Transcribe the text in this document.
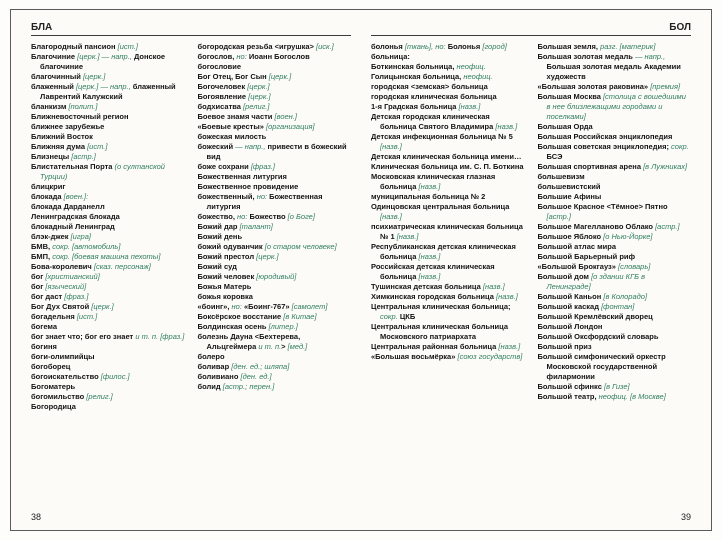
БЛА

Благородный пансион [ист.]

Благочиние [церк.] — напр., Донское благочиние

благочинный [церк.]

блаженный [церк.] — напр., блаженный Лаврентий Калужский

бланкизм [полит.]

Ближневосточный регион

ближнее зарубежье

Ближний Восток

Ближняя дума [ист.]

Близнецы [астр.]

Блистательная Порта (о султанской Турции)

блицкриг

блокада [воен.]:

блокада Дарданелл

Ленинградская блокада

блокадный Ленинград

блэк-джек [игра]

БМВ, сокр. [автомобиль]

БМП, сокр. [боевая машина пехоты]

Бова-королевич [сказ. персонаж]

бог [христианский]

бог [языческий]

бог даст [фраз.]

Бог Дух Святой [церк.]

богадельня [ист.]

богема

бог знает что; бог его знает и т. п. [фраз.]

богиня

боги-олимпийцы

богоборец

богоискательство [филос.]

Богоматерь

богомильство [религ.]

Богородица

богородская резьба <игрушка> [иск.]

богослов, но: Иоанн Богослов

богословие

Бог Отец, Бог Сын [церк.]

Богочеловек [церк.]

Богоявление [церк.]

бодхисатва [религ.]

Боевое знамя части [воен.]

«Боевые кресты» [организация]

божеская милость

божеский — напр., привести в божеский вид

боже сохрани [фраз.]

Божественная литургия

Божественное провидение

божественный, но: Божественная литургия

божество, но: Божество [о Боге]

Божий дар [талант]

Божий день

божий одуванчик [о старом человеке]

Божий престол [церк.]

Божий суд

Божий человек [юродивый]

Божья Матерь

божья коровка

«боинг», но: «Боинг-767» [самолет]

Боксёрское восстание [в Китае]

Болдинская осень [литер.]

болезнь Дауна <Бехтерева, Альцгеймера и т. п.> [мед.]

болеро

боливар [ден. ед.; шляпа]

боливиано [ден. ед.]

болид [астр.; перен.]

38
БОЛ

болонья [ткань], но: Болонья [город]

больница:

Боткинская больница, неофиц.

Голицынская больница, неофиц.

городская <земская> больница

городская клиническая больница

1-я Градская больница [назв.]

Детская городская клиническая больница Святого Владимира [назв.]

Детская инфекционная больница № 5 [назв.]

Детская клиническая больница имени…

Клиническая больница им. С. П. Боткина

Московская клиническая глазная больница [назв.]

муниципальная больница № 2

Одинцовская центральная больница [назв.]

психиатрическая клиническая больница № 1 [назв.]

Республиканская детская клиническая больница [назв.]

Российская детская клиническая больница [назв.]

Тушинская детская больница [назв.]

Химкинская городская больница [назв.]

Центральная клиническая больница; сокр. ЦКБ

Центральная клиническая больница Московского патриархата

Центральная районная больница [назв.]

«Большая восьмёрка» [союз государств]

Большая земля, разг. [материк]

Большая золотая медаль — напр., Большая золотая медаль Академии художеств

«Большая золотая раковина» [премия]

Большая Москва [столица с вошедшими в нее близлежащими городами и поселками]

Большая Орда

Большая Российская энциклопедия

Большая советская энциклопедия; сокр. БСЭ

Большая спортивная арена [в Лужниках]

большевизм

большевистский

Большие Афины

Большое Красное <Тёмное> Пятно [астр.]

Большое Магелланово Облако [астр.]

Большое Яблоко [о Нью-Йорке]

Большой атлас мира

Большой Барьерный риф

«Большой Брокгауз» [словарь]

Большой дом [о здании КГБ в Ленинграде]

Большой Каньон [в Колорадо]

Большой каскад [фонтан]

Большой Кремлёвский дворец

Большой Лондон

Большой Оксфордский словарь

Большой приз

Большой симфонический оркестр Московской государственной филармонии

Большой сфинкс [в Гизе]

Большой театр, неофиц. [в Москве]

39
